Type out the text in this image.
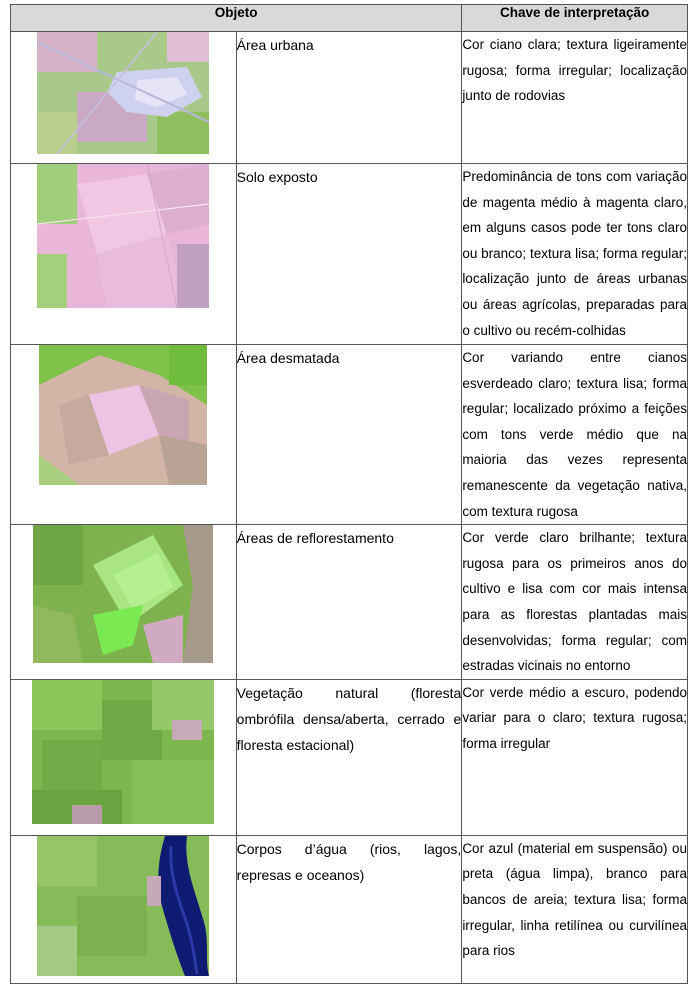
Objeto		Chave de interpretação

	Área urbana	Cor ciano clara; textura ligeiramente rugosa; forma irregular; localização junto de rodovias

	Solo exposto	Predominância de tons com variação de magenta médio à magenta claro, em alguns casos pode ter tons claro ou branco; textura lisa; forma regular; localização junto de áreas urbanas ou áreas agrícolas, preparadas para o cultivo ou recém-colhidas

	Área desmatada	Cor variando entre cianos esverdeado claro; textura lisa; forma regular; localizado próximo a feições com tons verde médio que na maioria das vezes representa remanescente da vegetação nativa, com textura rugosa

	Áreas de reflorestamento	Cor verde claro brilhante; textura rugosa para os primeiros anos do cultivo e lisa com cor mais intensa para as florestas plantadas mais desenvolvidas; forma regular; com estradas vicinais no entorno

	Vegetação natural (floresta ombrófila densa/aberta, cerrado e floresta estacional)	Cor verde médio a escuro, podendo variar para o claro; textura rugosa; forma irregular

	Corpos d’água (rios, lagos, represas e oceanos)	Cor azul (material em suspensão) ou preta (água limpa), branco para bancos de areia; textura lisa; forma irregular, linha retilínea ou curvilínea para rios
